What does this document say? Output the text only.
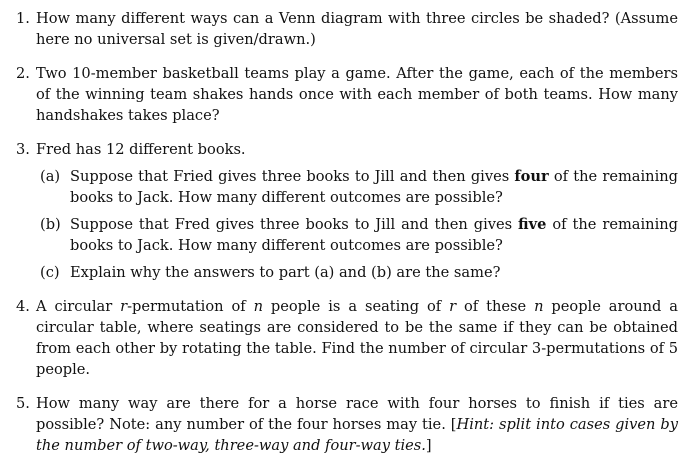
1. How many different ways can a Venn diagram with three circles be shaded? (Assume here no universal set is given/drawn.)
2. Two 10-member basketball teams play a game. After the game, each of the members of the winning team shakes hands once with each member of both teams. How many handshakes takes place?
3. Fred has 12 different books.
(a) Suppose that Fried gives three books to Jill and then gives four of the remaining books to Jack. How many different outcomes are possible?
(b) Suppose that Fred gives three books to Jill and then gives five of the remaining books to Jack. How many different outcomes are possible?
(c) Explain why the answers to part (a) and (b) are the same?
4. A circular r-permutation of n people is a seating of r of these n people around a circular table, where seatings are considered to be the same if they can be obtained from each other by rotating the table. Find the number of circular 3-permutations of 5 people.
5. How many way are there for a horse race with four horses to finish if ties are possible? Note: any number of the four horses may tie. [Hint: split into cases given by the number of two-way, three-way and four-way ties.]
